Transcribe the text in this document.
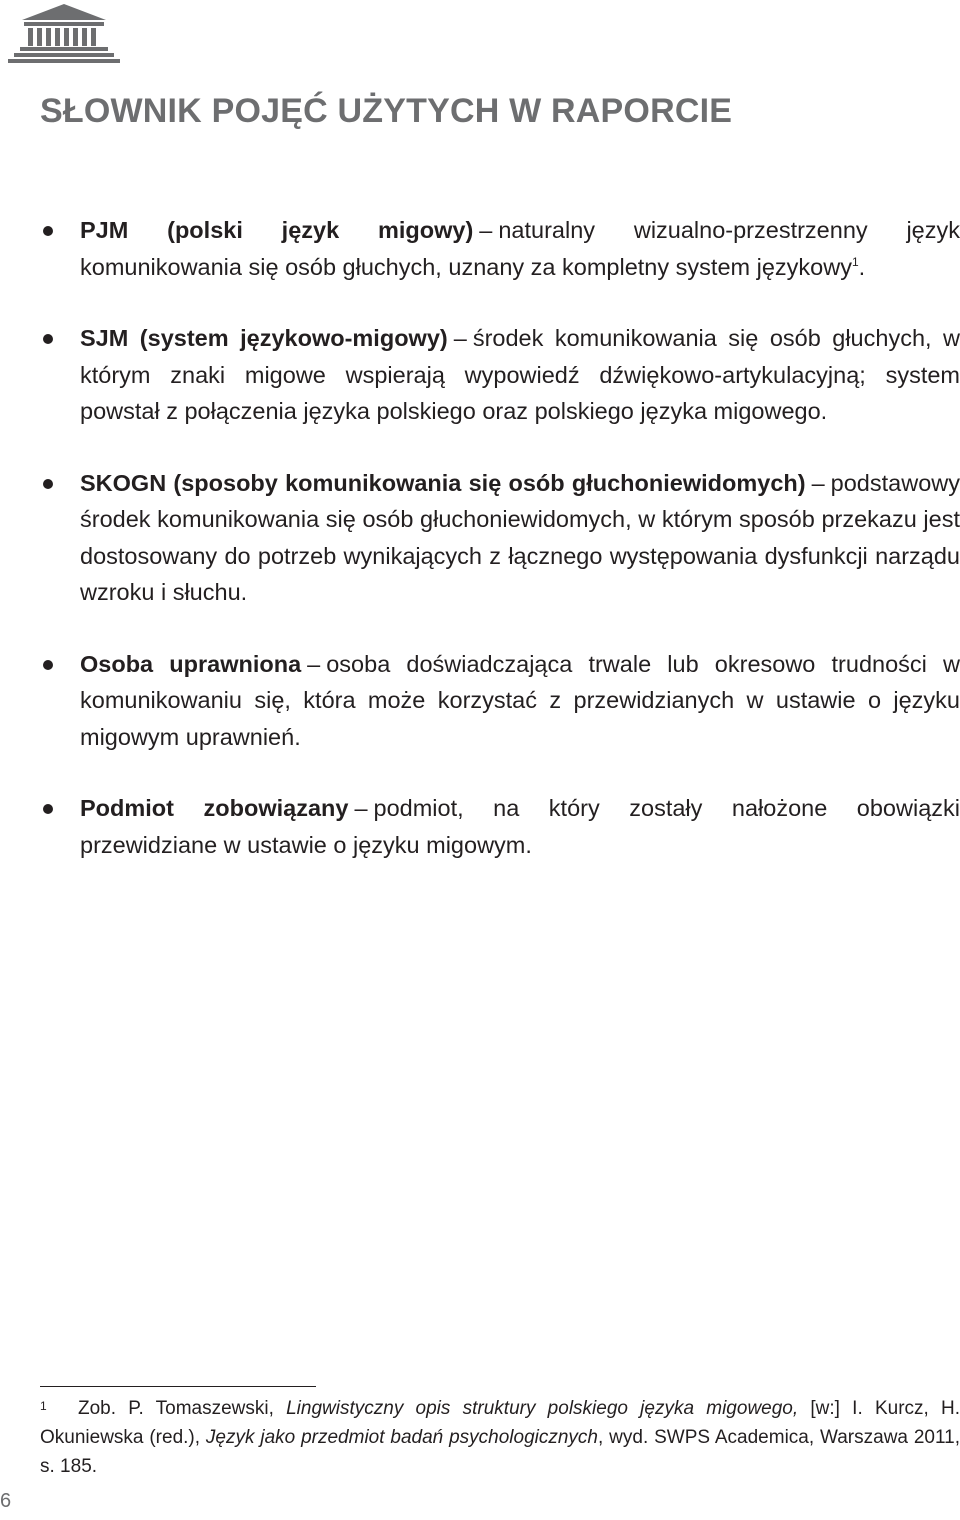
SŁOWNIK POJĘĆ UŻYTYCH W RAPORCIE
PJM (polski język migowy) – naturalny wizualno-przestrzenny język komunikowania się osób głuchych, uznany za kompletny system językowy$^1$.
SJM (system językowo-migowy) – środek komunikowania się osób głuchych, w którym znaki migowe wspierają wypowiedź dźwiękowo-artykulacyjną; system powstał z połączenia języka polskiego oraz polskiego języka migowego.
SKOGN (sposoby komunikowania się osób głuchoniewidomych) – podstawowy środek komunikowania się osób głuchoniewidomych, w którym sposób przekazu jest dostosowany do potrzeb wynikających z łącznego występowania dysfunkcji narządu wzroku i słuchu.
Osoba uprawniona – osoba doświadczająca trwale lub okresowo trudności w komunikowaniu się, która może korzystać z przewidzianych w ustawie o języku migowym uprawnień.
Podmiot zobowiązany – podmiot, na który zostały nałożone obowiązki przewidziane w ustawie o języku migowym.
1 Zob. P. Tomaszewski, Lingwistyczny opis struktury polskiego języka migowego, [w:] I. Kurcz, H. Okuniewska (red.), Język jako przedmiot badań psychologicznych, wyd. SWPS Academica, Warszawa 2011, s. 185.
6
